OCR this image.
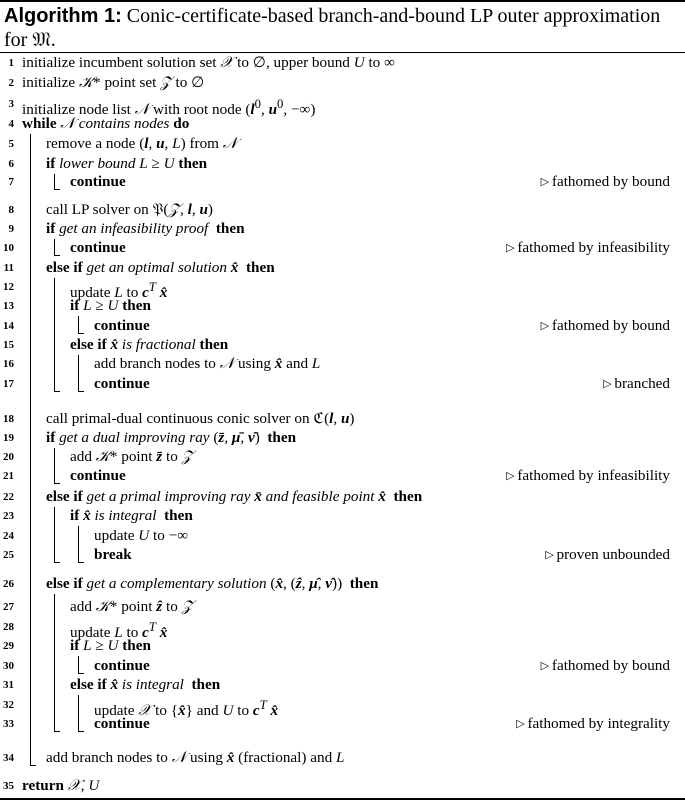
Algorithm 1: Conic-certificate-based branch-and-bound LP outer approximation for 𝔐.
1 initialize incumbent solution set 𝒳 to ∅, upper bound U to ∞
2 initialize 𝒦* point set 𝒵 to ∅
3 initialize node list 𝒩 with root node ($l^0$, $u^0$, −∞)
4 while 𝒩 contains nodes do
5 remove a node (l, u, L) from 𝒩
6 if lower bound L ≥ U then
7	continue	▷ fathomed by bound
8 call LP solver on 𝔓(𝒵, l, u)
9 if get an infeasibility proof then
10	continue	▷ fathomed by infeasibility
11 else if get an optimal solution x̂ then
12	update L to $c^T$ x̂
13	if L ≥ U then
14	continue	▷ fathomed by bound
15	else if x̂ is fractional then
16	add branch nodes to 𝒩 using x̂ and L
17	continue	▷ branched
18 call primal-dual continuous conic solver on ℭ(l, u)
19 if get a dual improving ray (z̄, μ̄, ν̄)  then
20	add 𝒦* point z̄ to 𝒵
21	continue	▷ fathomed by infeasibility
22 else if get a primal improving ray x̄ and feasible point x̂ then
23	if x̂ is integral then
24	update U to −∞
25	break	▷ proven unbounded
26 else if get a complementary solution (x̂, (ẑ, μ̂, ν̂))  then
27	add 𝒦* point ẑ to 𝒵
28	update L to $c^T$ x̂
29	if L ≥ U then
30	continue	▷ fathomed by bound
31	else if x̂ is integral then
32	update 𝒳 to {x̂} and U to $c^T$ x̂
33	continue	▷ fathomed by integrality
34 add branch nodes to 𝒩 using x̂ (fractional) and L
35 return 𝒳, U
